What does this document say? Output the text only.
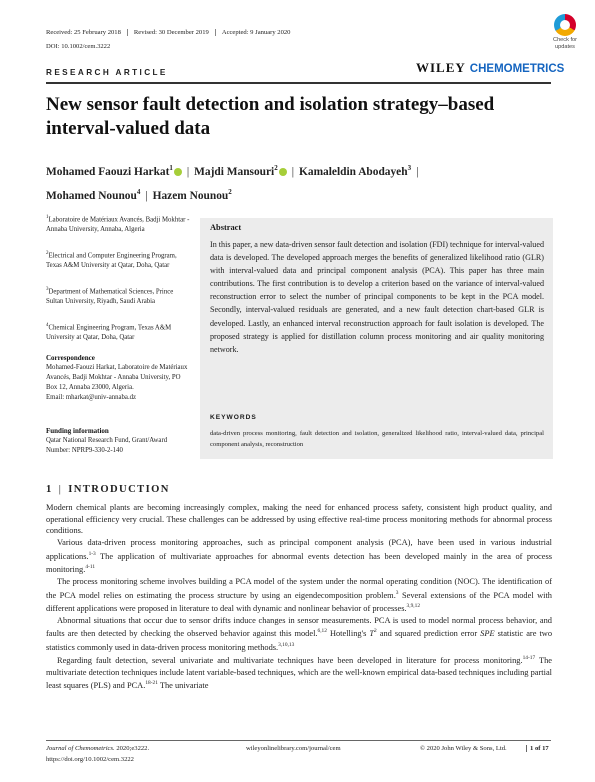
Received: 25 February 2018 Revised: 30 December 2019 Accepted: 9 January 2020
DOI: 10.1002/cem.3222
Check for
updates
RESEARCH ARTICLE	WILEY CHEMOMETRICS
New sensor fault detection and isolation strategy–based interval-valued data
Mohamed Faouzi Harkat$^1$ | Majdi Mansouri$^2$ | Kamaleldin Abodayeh$^3$ |
Mohamed Nounou$^4$ | Hazem Nounou$^2$
$^1$Laboratoire de Matériaux Avancés, Badji Mokhtar - Annaba University, Annaba, Algeria
$^2$Electrical and Computer Engineering Program, Texas A&M University at Qatar, Doha, Qatar
$^3$Department of Mathematical Sciences, Prince Sultan University, Riyadh, Saudi Arabia
$^4$Chemical Engineering Program, Texas A&M University at Qatar, Doha, Qatar
Correspondence
Mohamed-Faouzi Harkat, Laboratoire de Matériaux Avancés, Badji Mokhtar - Annaba University, PO Box 12, Annaba 23000, Algeria.
Email: mharkat@univ-annaba.dz
Funding information
Qatar National Research Fund, Grant/Award Number: NPRP9-330-2-140
Abstract
In this paper, a new data-driven sensor fault detection and isolation (FDI) technique for interval-valued data is developed. The developed approach merges the benefits of generalized likelihood ratio (GLR) with interval-valued data and principal component analysis (PCA). This paper has three main contributions. The first contribution is to develop a criterion based on the variance of interval-valued reconstruction error to select the number of principal components to be kept in the PCA model. Secondly, interval-valued residuals are generated, and a new fault detection chart-based GLR is developed. Lastly, an enhanced interval reconstruction approach for fault isolation is developed. The proposed strategy is applied for distillation column process monitoring and air quality monitoring network.
KEYWORDS
data-driven process monitoring, fault detection and isolation, generalized likelihood ratio, interval-valued data, principal component analysis, reconstruction
1 | INTRODUCTION

Modern chemical plants are becoming increasingly complex, making the need for enhanced process safety, consistent high product quality, and operational efficiency very crucial. These challenges can be addressed by using effective real-time process monitoring methods for abnormal process conditions.

Various data-driven process monitoring approaches, such as principal component analysis (PCA), have been used in various industrial applications.$^{1-3}$ The application of multivariate approaches for abnormal events detection has been developed mainly in the area of process monitoring.$^{4-11}$

The process monitoring scheme involves building a PCA model of the system under the normal operating condition (NOC). The identification of the PCA model relies on estimating the process structure by using an eigendecomposition problem.$^3$ Several extensions of the PCA model with different applications were proposed in literature to deal with dynamic and nonlinear behavior of processes.$^{3,9,12}$

Abnormal situations that occur due to sensor drifts induce changes in sensor measurements. PCA is used to model normal process behavior, and faults are then detected by checking the observed behavior against this model.$^{6,12}$ Hotelling's $T^2$ and squared prediction error SPE statistic are two statistics commonly used in data-driven process monitoring methods.$^{3,10,13}$

Regarding fault detection, several univariate and multivariate techniques have been developed in literature for process monitoring.$^{14-17}$ The multivariate detection techniques include latent variable-based techniques, which are the well-known empirical data-based techniques including partial least squares (PLS) and PCA.$^{18-21}$ The univariate

Journal of Chemometrics. 2020;e3222.
https://doi.org/10.1002/cem.3222
wileyonlinelibrary.com/journal/cem	© 2020 John Wiley & Sons, Ltd.	1 of 17
